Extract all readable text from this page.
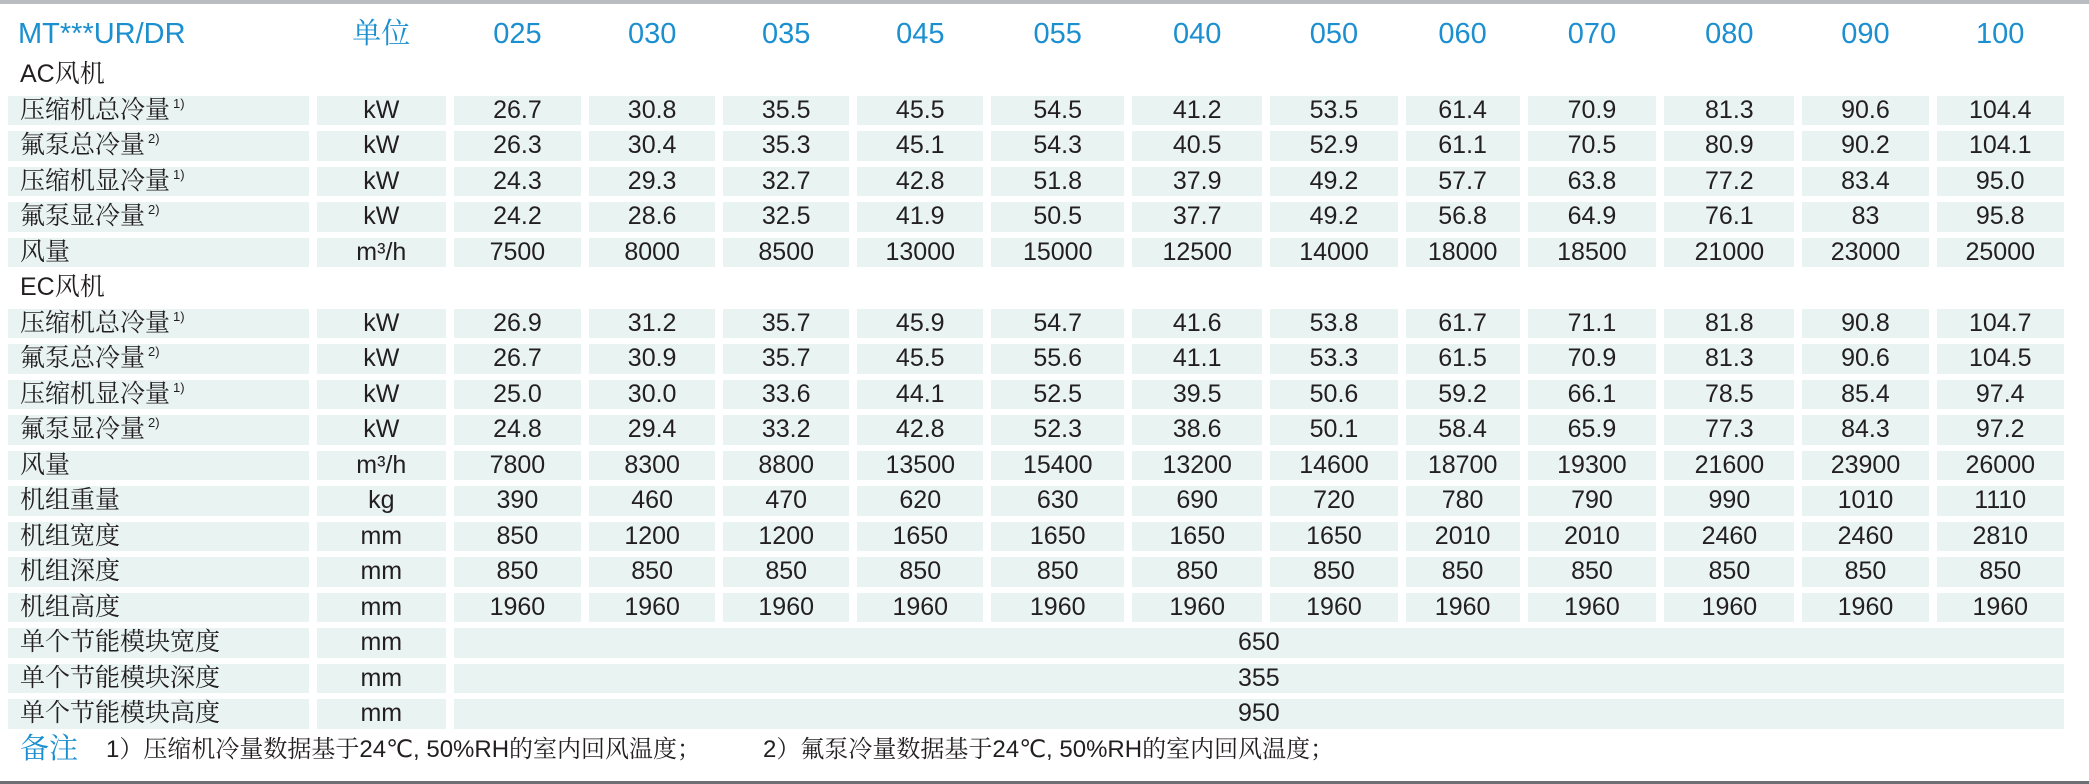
MT***UR/DR	单位	025	030	035	045	055	040	050	060	070	080	090	100
AC风机													
压缩机总冷量 $^{1)}$	kW	26.7	30.8	35.5	45.5	54.5	41.2	53.5	61.4	70.9	81.3	90.6	104.4
氟泵总冷量 $^{2)}$	kW	26.3	30.4	35.3	45.1	54.3	40.5	52.9	61.1	70.5	80.9	90.2	104.1
压缩机显冷量 $^{1)}$	kW	24.3	29.3	32.7	42.8	51.8	37.9	49.2	57.7	63.8	77.2	83.4	95.0
氟泵显冷量 $^{2)}$	kW	24.2	28.6	32.5	41.9	50.5	37.7	49.2	56.8	64.9	76.1	83	95.8
风量	m³/h	7500	8000	8500	13000	15000	12500	14000	18000	18500	21000	23000	25000
EC风机													
压缩机总冷量 $^{1)}$	kW	26.9	31.2	35.7	45.9	54.7	41.6	53.8	61.7	71.1	81.8	90.8	104.7
氟泵总冷量 $^{2)}$	kW	26.7	30.9	35.7	45.5	55.6	41.1	53.3	61.5	70.9	81.3	90.6	104.5
压缩机显冷量 $^{1)}$	kW	25.0	30.0	33.6	44.1	52.5	39.5	50.6	59.2	66.1	78.5	85.4	97.4
氟泵显冷量 $^{2)}$	kW	24.8	29.4	33.2	42.8	52.3	38.6	50.1	58.4	65.9	77.3	84.3	97.2
风量	m³/h	7800	8300	8800	13500	15400	13200	14600	18700	19300	21600	23900	26000
机组重量	kg	390	460	470	620	630	690	720	780	790	990	1010	1110
机组宽度	mm	850	1200	1200	1650	1650	1650	1650	2010	2010	2460	2460	2810
机组深度	mm	850	850	850	850	850	850	850	850	850	850	850	850
机组高度	mm	1960	1960	1960	1960	1960	1960	1960	1960	1960	1960	1960	1960
单个节能模块宽度	mm	650											
单个节能模块深度	mm	355											
单个节能模块高度	mm	950											
备注 1）压缩机冷量数据基于24℃, 50%RH的室内回风温度；	2）氟泵冷量数据基于24℃, 50%RH的室内回风温度；
